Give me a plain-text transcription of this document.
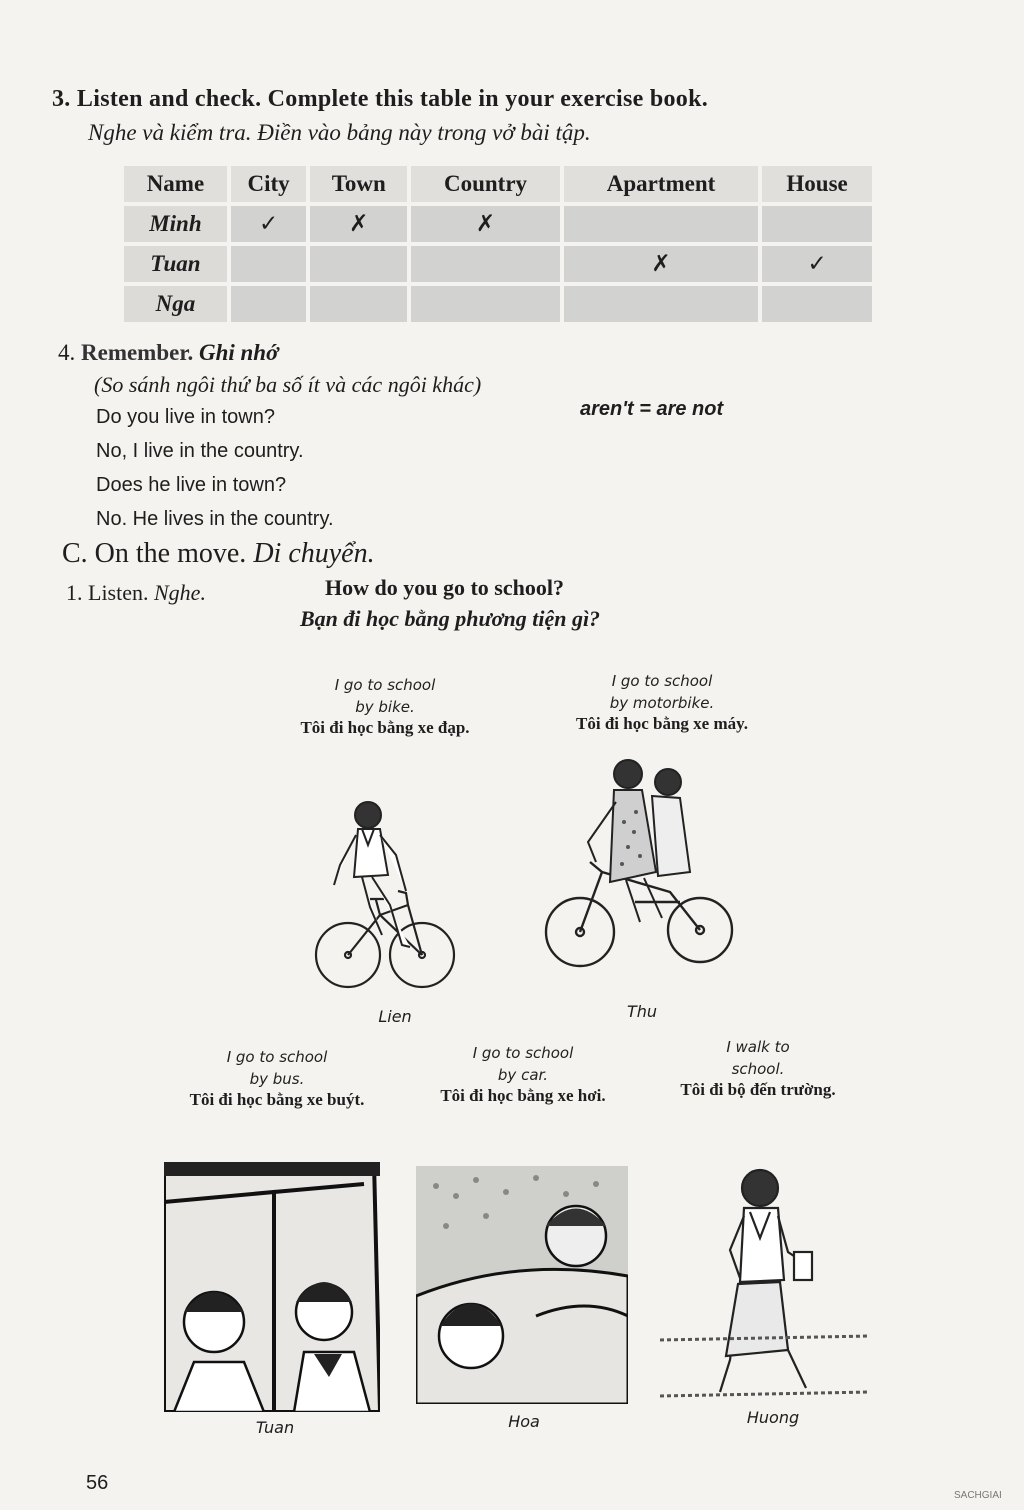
3. Listen and check. Complete this table in your exercise book.
Nghe và kiểm tra. Điền vào bảng này trong vở bài tập.
Name	City	Town	Country	Apartment	House
Minh	✓	✗	✗		
Tuan				✗	✓
Nga					
4. Remember. Ghi nhớ
(So sánh ngôi thứ ba số ít và các ngôi khác)
Do you live in town?
No, I live in the country.
Does he live in town?
No. He lives in the country.
aren't = are not
C. On the move. Di chuyển.
1. Listen. Nghe.	How do you go to school?
Bạn đi học bằng phương tiện gì?
I go to school
by bike.
Tôi đi học bằng xe đạp.
I go to school
by motorbike.
Tôi đi học bằng xe máy.
Lien	Thu
I go to school
by bus.
Tôi đi học bằng xe buýt.
I go to school
by car.
Tôi đi học bằng xe hơi.
I walk to
school.
Tôi đi bộ đến trường.
Tuan	Hoa	Huong
56
SACHGIAI
